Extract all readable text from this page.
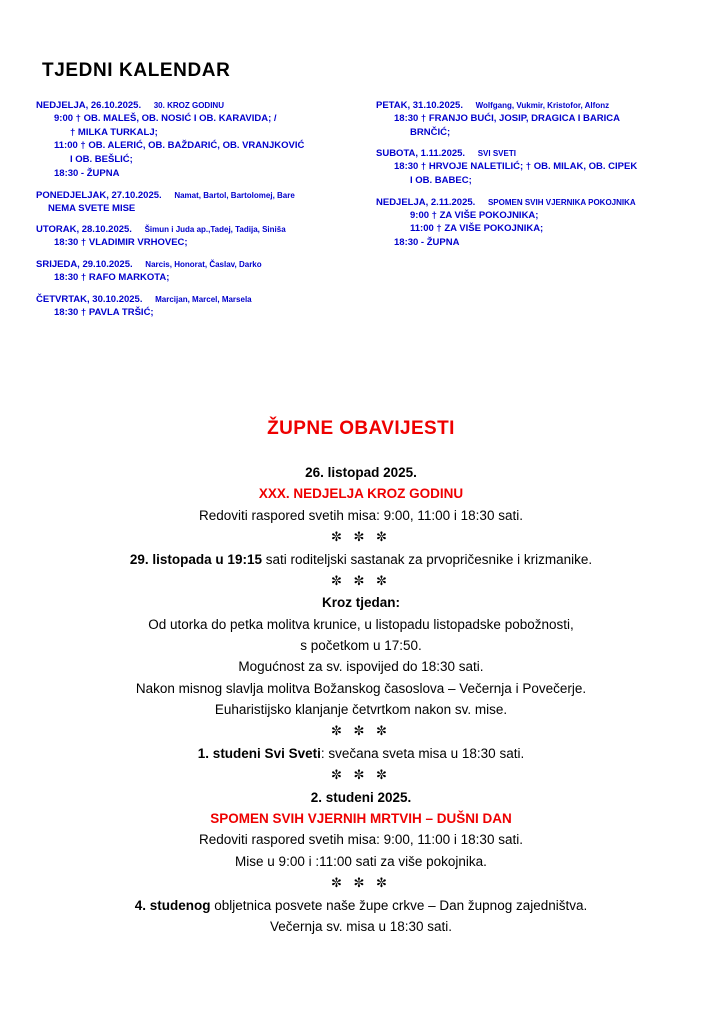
TJEDNI KALENDAR
NEDJELJA, 26.10.2025. 30. KROZ GODINU
9:00 † OB. MALEŠ, OB. NOSIĆ I OB. KARAVIDA; /
† MILKA TURKALJ;
11:00 † OB. ALERIĆ, OB. BAŽDARIĆ, OB. VRANJKOVIĆ
I OB. BEŠLIĆ;
18:30 - ŽUPNA
PONEDJELJAK, 27.10.2025. Namat, Bartol, Bartolomej, Bare
NEMA SVETE MISE
UTORAK, 28.10.2025. Šimun i Juda ap.,Tadej, Tadija, Siniša
18:30 † VLADIMIR VRHOVEC;
SRIJEDA, 29.10.2025. Narcis, Honorat, Časlav, Darko
18:30 † RAFO MARKOTA;
ČETVRTAK, 30.10.2025. Marcijan, Marcel, Marsela
18:30 † PAVLA TRŠIĆ;
PETAK, 31.10.2025. Wolfgang, Vukmir, Kristofor, Alfonz
18:30 † FRANJO BUĆI, JOSIP, DRAGICA I BARICA
BRNČIĆ;
SUBOTA, 1.11.2025. SVI SVETI
18:30 † HRVOJE NALETILIĆ; † OB. MILAK, OB. CIPEK
I OB. BABEC;
NEDJELJA, 2.11.2025. SPOMEN SVIH VJERNIKA POKOJNIKA
9:00 † ZA VIŠE POKOJNIKA;
11:00 † ZA VIŠE POKOJNIKA;
18:30 - ŽUPNA
ŽUPNE OBAVIJESTI
26. listopad 2025.
XXX. NEDJELJA KROZ GODINU
Redoviti raspored svetih misa: 9:00, 11:00 i 18:30 sati.
✼ ✼ ✼
29. listopada u 19:15 sati roditeljski sastanak za prvopričesnike i krizmanike.
✼ ✼ ✼
Kroz tjedan:
Od utorka do petka molitva krunice, u listopadu listopadske pobožnosti,
s početkom u 17:50.
Mogućnost za sv. ispovijed do 18:30 sati.
Nakon misnog slavlja molitva Božanskog časoslova – Večernja i Povečerje.
Euharistijsko klanjanje četvrtkom nakon sv. mise.
✼ ✼ ✼
1. studeni Svi Sveti: svečana sveta misa u 18:30 sati.
✼ ✼ ✼
2. studeni 2025.
SPOMEN SVIH VJERNIH MRTVIH – DUŠNI DAN
Redoviti raspored svetih misa: 9:00, 11:00 i 18:30 sati.
Mise u 9:00 i :11:00 sati za više pokojnika.
✼ ✼ ✼
4. studenog obljetnica posvete naše župe crkve – Dan župnog zajedništva.
Večernja sv. misa u 18:30 sati.
